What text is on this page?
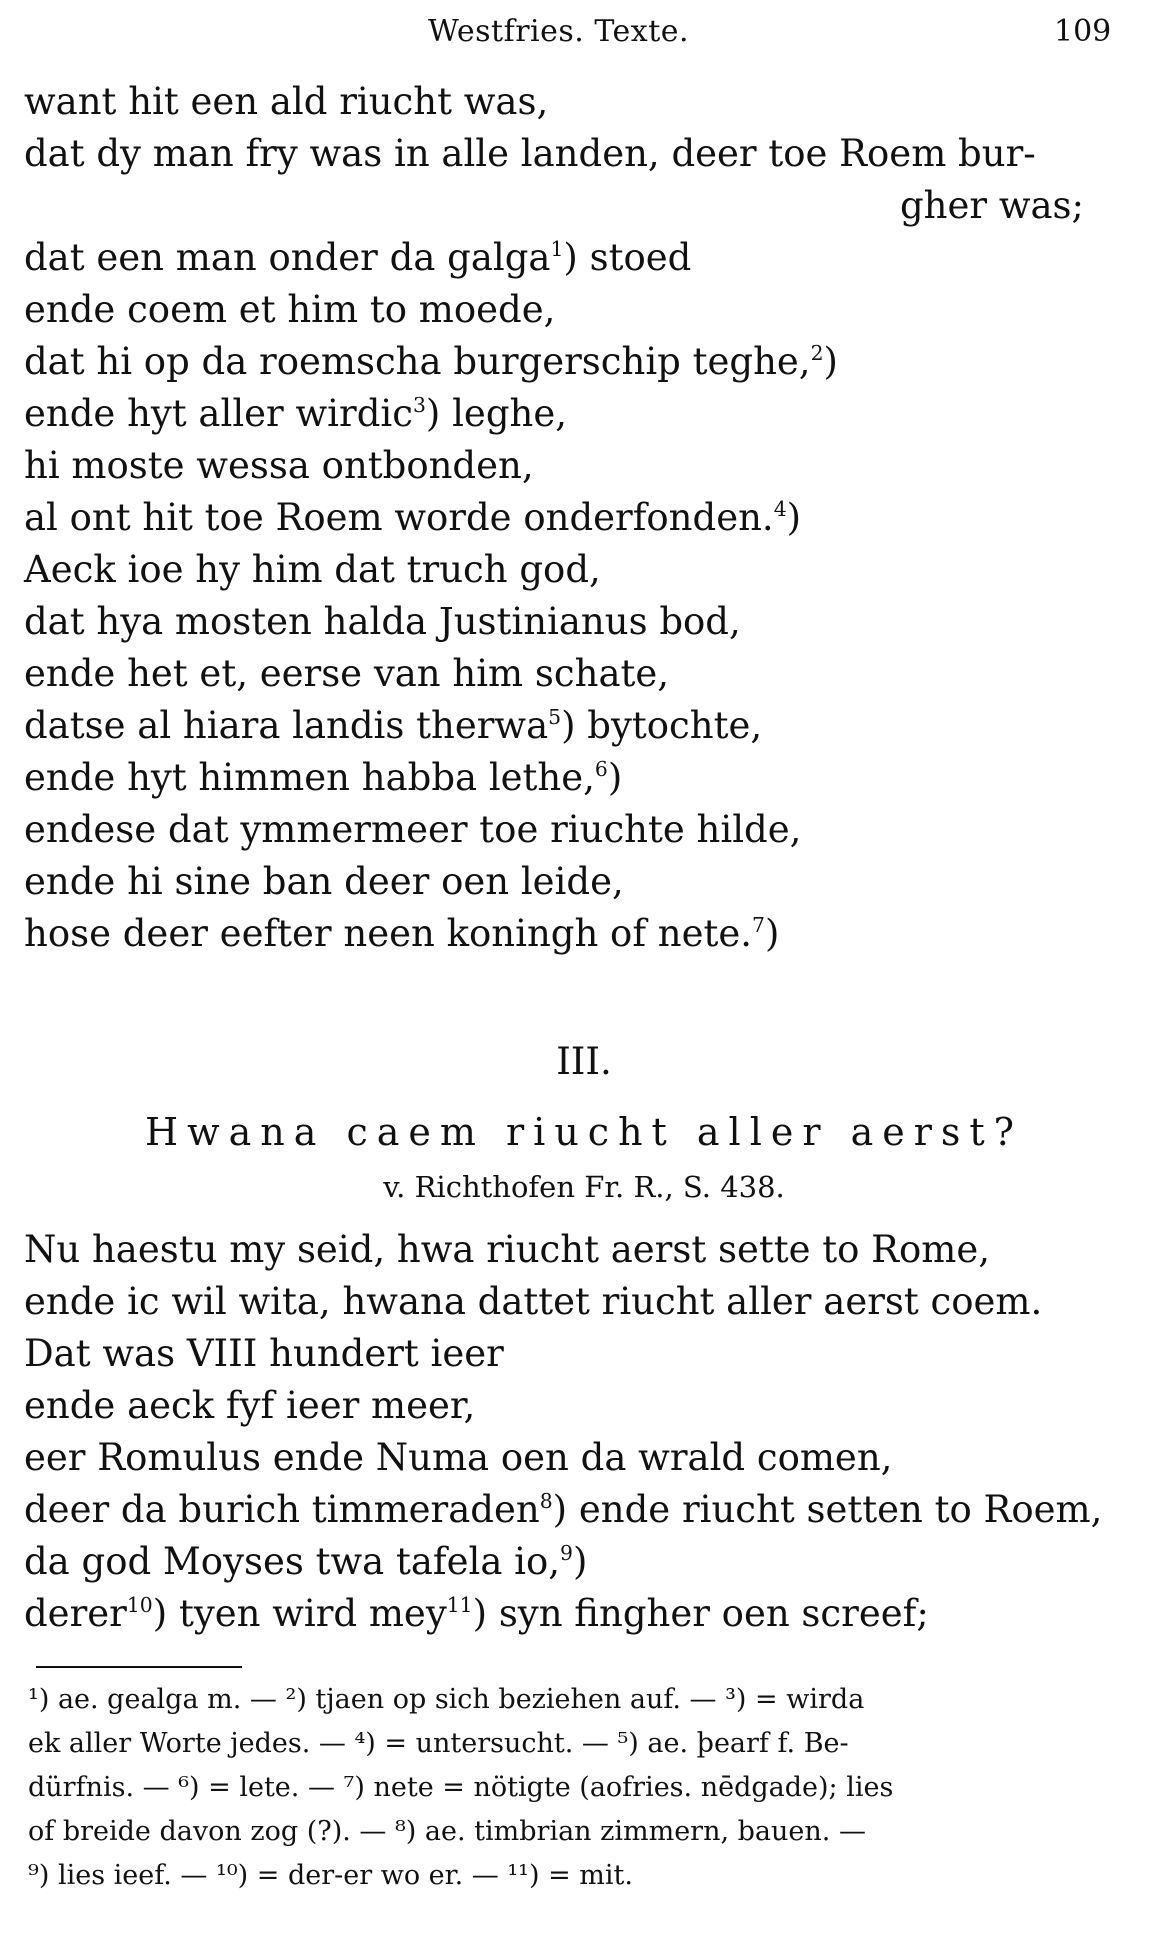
Westfries. Texte.	109
want hit een ald riucht was,
dat dy man fry was in alle landen, deer toe Roem bur-
gher was;
dat een man onder da galga$^1$) stoed
ende coem et him to moede,
dat hi op da roemscha burgerschip teghe,$^2$)
ende hyt aller wirdic$^3$) leghe,
hi moste wessa ontbonden,
al ont hit toe Roem worde onderfonden.$^4$)
Aeck ioe hy him dat truch god,
dat hya mosten halda Justinianus bod,
ende het et, eerse van him schate,
datse al hiara landis therwa$^5$) bytochte,
ende hyt himmen habba lethe,$^6$)
endese dat ymmermeer toe riuchte hilde,
ende hi sine ban deer oen leide,
hose deer eefter neen koningh of nete.$^7$)
III.
Hwana caem riucht aller aerst?
v. Richthofen Fr. R., S. 438.
Nu haestu my seid, hwa riucht aerst sette to Rome,
ende ic wil wita, hwana dattet riucht aller aerst coem.
Dat was VIII hundert ieer
ende aeck fyf ieer meer,
eer Romulus ende Numa oen da wrald comen,
deer da burich timmeraden$^8$) ende riucht setten to Roem,
da god Moyses twa tafela io,$^9$)
derer$^{10}$) tyen wird mey$^{11}$) syn fingher oen screef;
¹) ae. gealga m. — ²) tjaen op sich beziehen auf. — ³) = wirda
ek aller Worte jedes. — ⁴) = untersucht. — ⁵) ae. þearf f. Be-
dürfnis. — ⁶) = lete. — ⁷) nete = nötigte (aofries. nēdgade); lies
of breide davon zog (?). — ⁸) ae. timbrian zimmern, bauen. —
⁹) lies ieef. — ¹⁰) = der-er wo er. — ¹¹) = mit.
